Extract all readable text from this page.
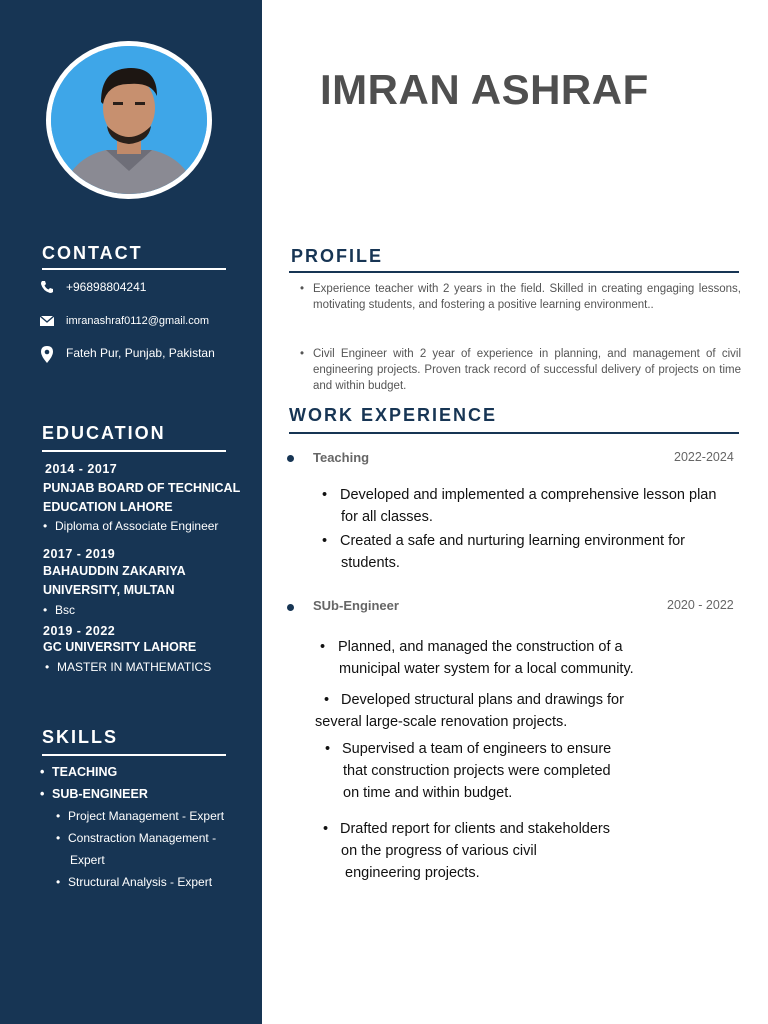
CONTACT
+96898804241
imranashraf0112@gmail.com
Fateh Pur, Punjab, Pakistan
EDUCATION
2014 - 2017
PUNJAB BOARD OF TECHNICAL
EDUCATION LAHORE
• Diploma of Associate Engineer
2017 - 2019
BAHAUDDIN ZAKARIYA
UNIVERSITY, MULTAN
• Bsc
2019 - 2022
GC UNIVERSITY LAHORE
• MASTER IN MATHEMATICS
SKILLS
• TEACHING
• SUB-ENGINEER
• Project Management - Expert
• Constraction Management -
Expert
• Structural Analysis - Expert
IMRAN ASHRAF
PROFILE
• Experience teacher with 2 years in the field. Skilled in creating engaging lessons, motivating students, and fostering a positive learning environment..
• Civil Engineer with 2 year of experience in planning, and management of civil engineering projects. Proven track record of successful delivery of projects on time and within budget.
WORK EXPERIENCE
Teaching	2022-2024
• Developed and implemented a comprehensive lesson plan
for all classes.
• Created a safe and nurturing learning environment for
students.
SUb-Engineer	2020 - 2022
• Planned, and managed the construction of a
municipal water system for a local community.
• Developed structural plans and drawings for
several large-scale renovation projects.
• Supervised a team of engineers to ensure
that construction projects were completed
on time and within budget.
• Drafted report for clients and stakeholders
on the progress of various civil
engineering projects.
